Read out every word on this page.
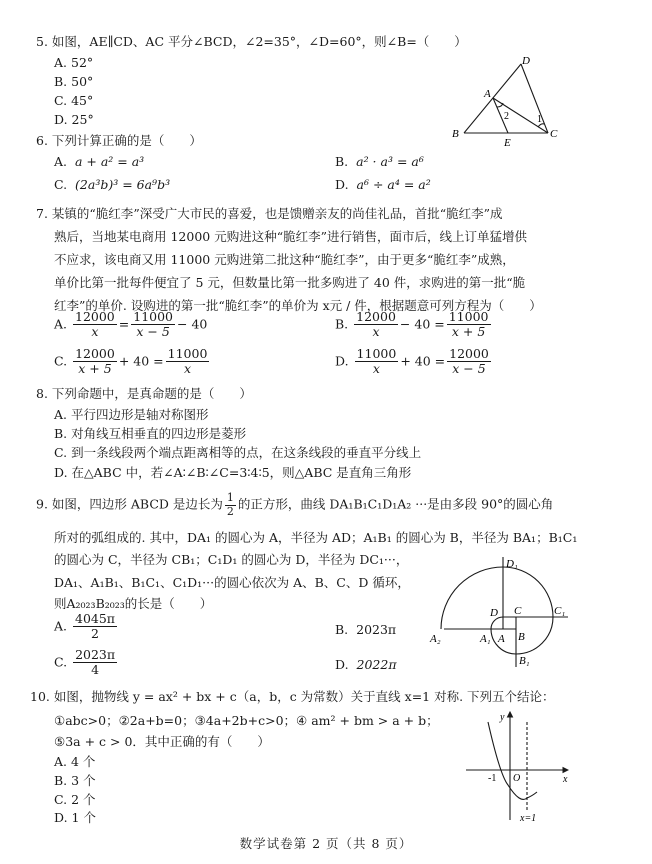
5. 如图，AE∥CD、AC 平分∠BCD，∠2=35°，∠D=60°，则∠B=（　　）
A. 52°
B. 50°
C. 45°
D. 25°
D
A
B	C
E
2	1
6. 下列计算正确的是（　　）
A. a + a² = a³	B. a² · a³ = a⁶
C. (2a³b)³ = 6a⁹b³	D. a⁶ ÷ a⁴ = a²
7. 某镇的“脆红李”深受广大市民的喜爱，也是馈赠亲友的尚佳礼品，首批“脆红李”成
熟后，当地某电商用 12000 元购进这种“脆红李”进行销售，面市后，线上订单猛增供
不应求，该电商又用 11000 元购进第二批这种“脆红李”，由于更多“脆红李”成熟，
单价比第一批每件便宜了 5 元，但数量比第一批多购进了 40 件，求购进的第一批“脆
红李”的单价. 设购进的第一批“脆红李”的单价为 x元 / 件，根据题意可列方程为（　　）
A. $\frac{12000}{x} = \frac{11000}{x - 5} - 40$	B. $\frac{12000}{x} - 40 = \frac{11000}{x + 5}$
C. $\frac{12000}{x + 5} + 40 = \frac{11000}{x}$	D. $\frac{11000}{x} + 40 = \frac{12000}{x - 5}$
8. 下列命题中，是真命题的是（　　）
A. 平行四边形是轴对称图形
B. 对角线互相垂直的四边形是菱形
C. 到一条线段两个端点距离相等的点，在这条线段的垂直平分线上
D. 在△ABC 中，若∠A∶∠B∶∠C=3∶4∶5，则△ABC 是直角三角形
9. 如图，四边形 ABCD 是边长为 $\frac{1}{2}$ 的正方形，曲线 DA₁B₁C₁D₁A₂ ···是由多段 90°的圆心角
所对的弧组成的. 其中，DA₁ 的圆心为 A，半径为 AD；A₁B₁ 的圆心为 B，半径为 BA₁；B₁C₁
的圆心为 C，半径为 CB₁；C₁D₁ 的圆心为 D，半径为 DC₁···，
DA₁、A₁B₁、B₁C₁、C₁D₁···的圆心依次为 A、B、C、D 循环，
则A₂₀₂₃B₂₀₂₃的长是（　　）
A. $\frac{4045\pi}{2}$	B. 2023π
C. $\frac{2023\pi}{4}$	D. 2022π
D₁
D C	C₁
B
A
A₁
A₂
B₁
10. 如图，抛物线 y = ax² + bx + c（a，b，c 为常数）关于直线 x=1 对称. 下列五个结论：
①abc>0；②2a+b=0；③4a+2b+c>0；④ am² + bm > a + b；
⑤3a + c > 0．其中正确的有（　　）
A. 4 个
B. 3 个
C. 2 个
D. 1 个
y
x
O
-1
x=1
数学试卷第 2 页（共 8 页）
